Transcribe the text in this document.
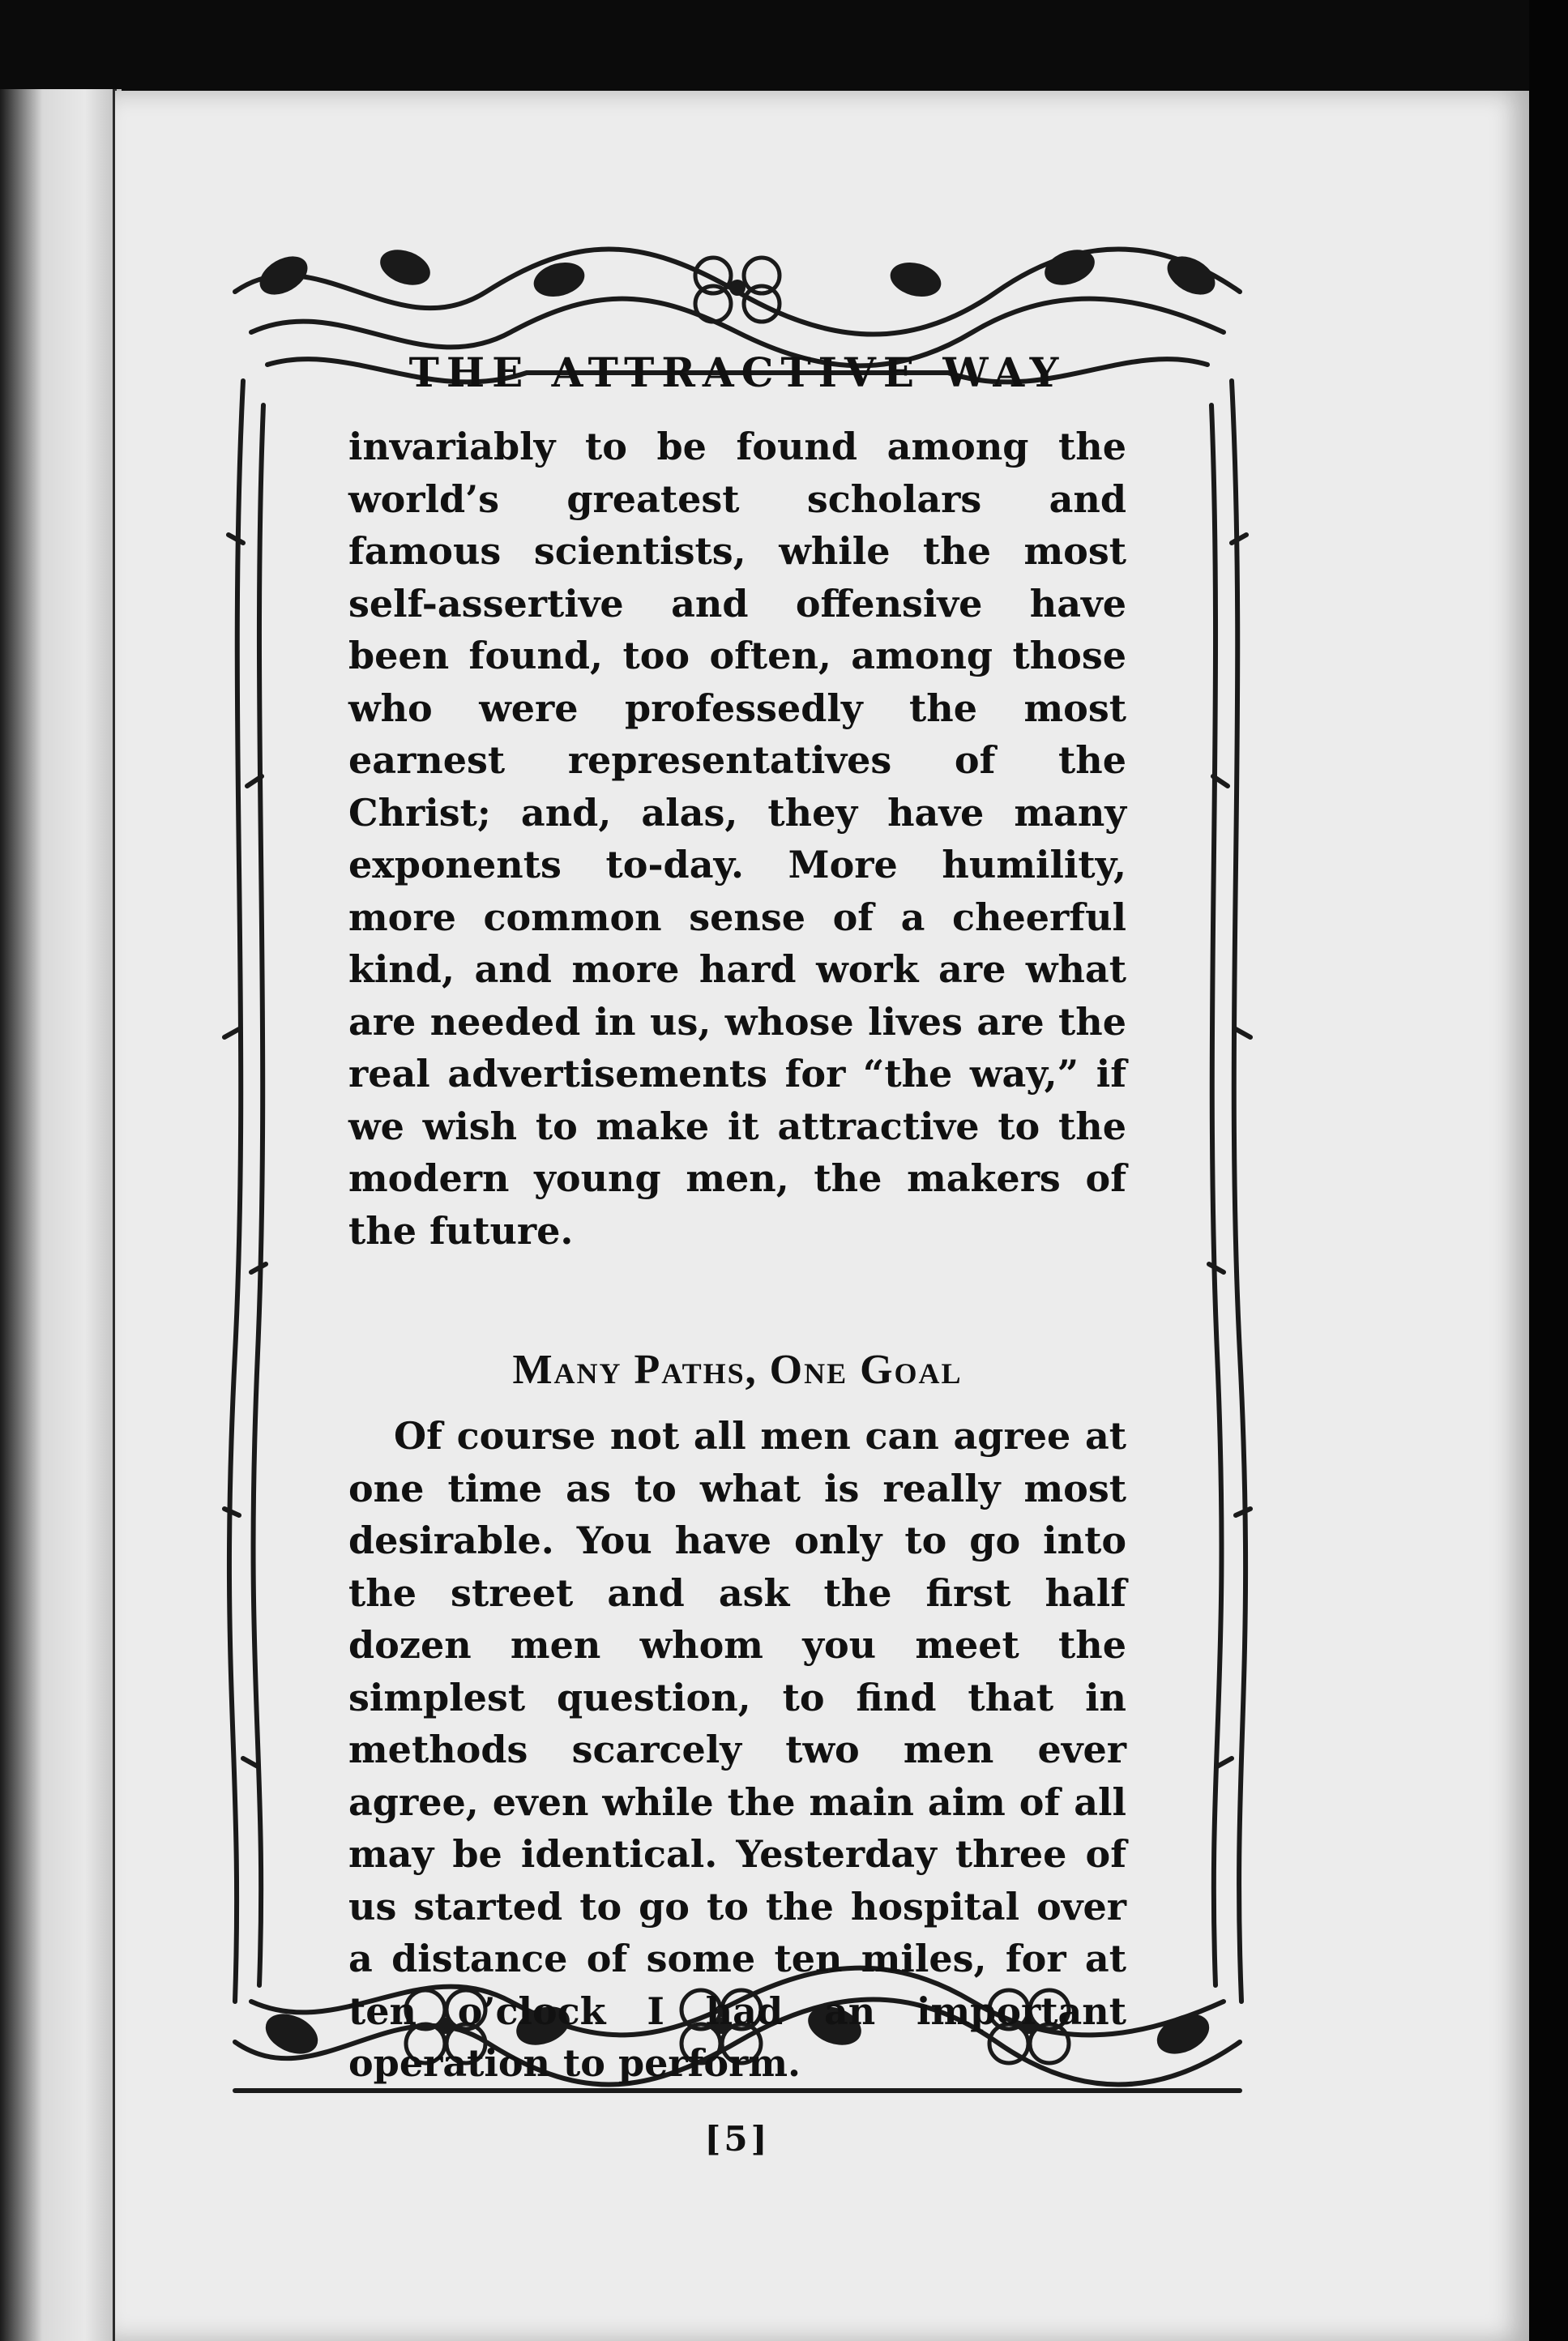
THE ATTRACTIVE WAY

invariably to be found among the world’s greatest scholars and famous scientists, while the most self-assertive and offensive have been found, too often, among those who were professedly the most earnest representatives of the Christ; and, alas, they have many exponents to-day. More humility, more common sense of a cheerful kind, and more hard work are what are needed in us, whose lives are the real advertisements for “the way,” if we wish to make it attractive to the modern young men, the makers of the future.

Many Paths, One Goal

Of course not all men can agree at one time as to what is really most desirable. You have only to go into the street and ask the first half dozen men whom you meet the simplest question, to find that in methods scarcely two men ever agree, even while the main aim of all may be identical. Yesterday three of us started to go to the hospital over a distance of some ten miles, for at ten o’clock I had an important operation to perform.

[5]
